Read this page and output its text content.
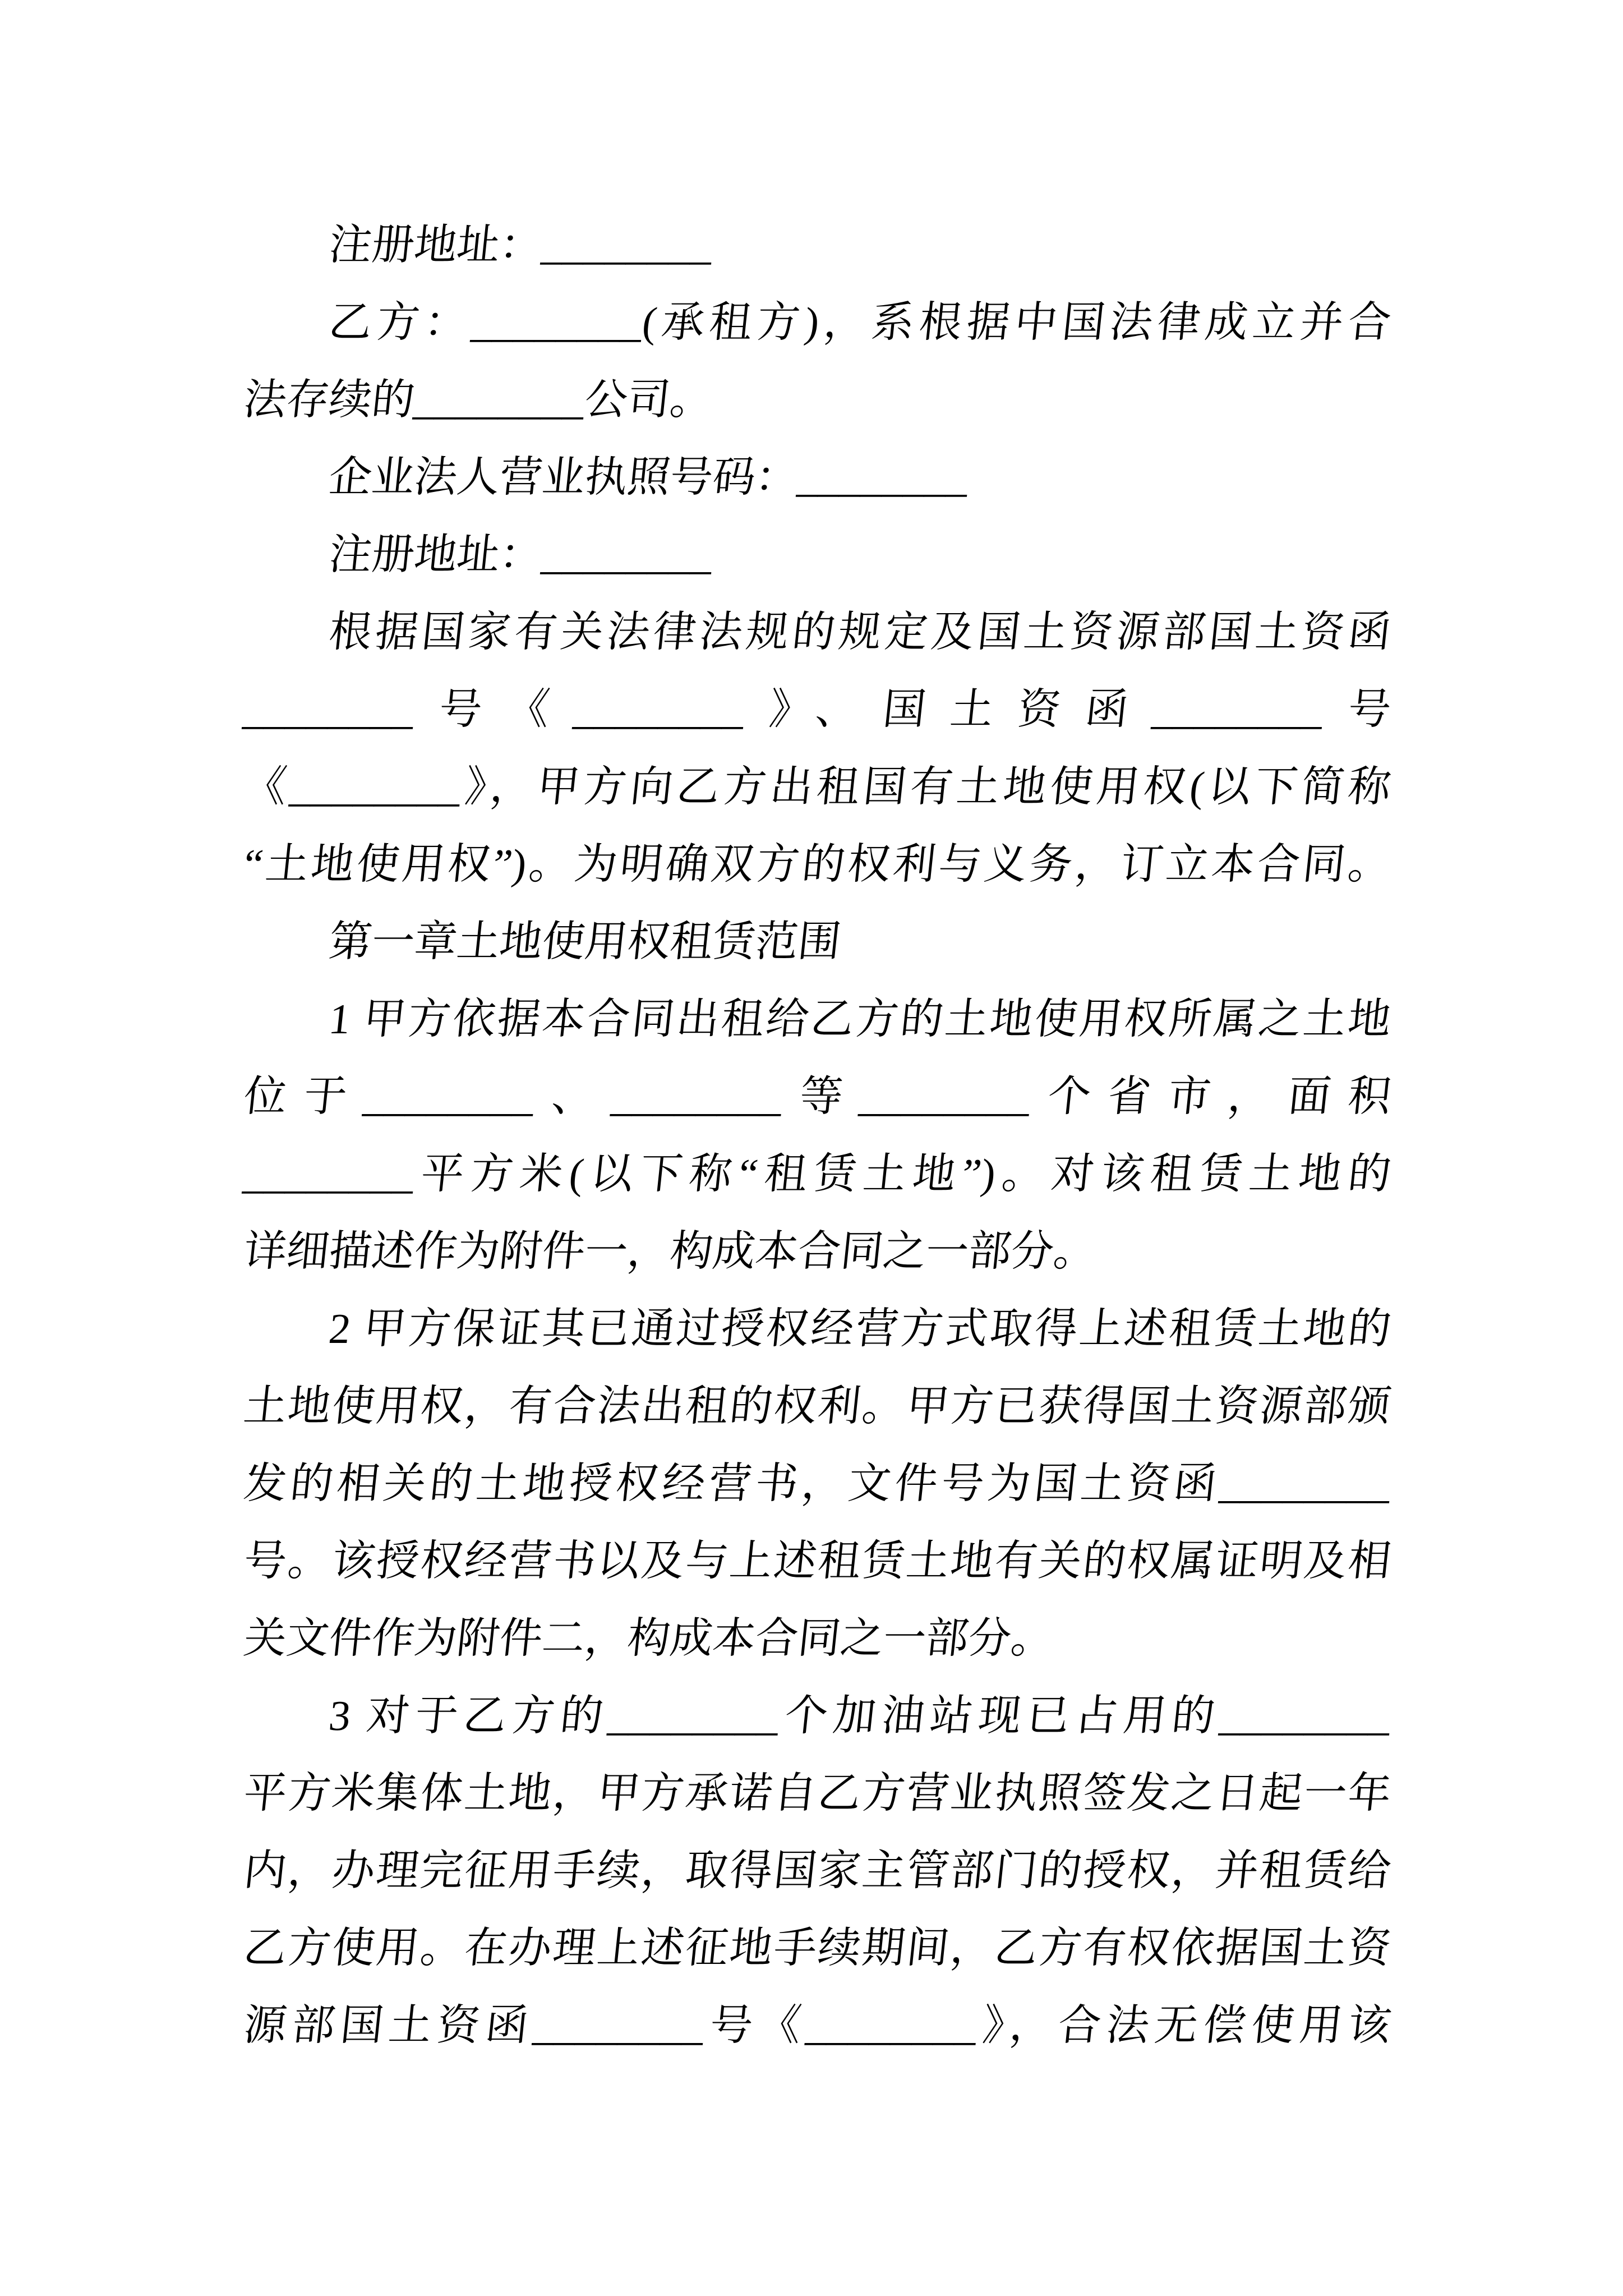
注册地址：________
乙方：________(承租方)，系根据中国法律成立并合
法存续的________公司。
企业法人营业执照号码：________
注册地址：________
根据国家有关法律法规的规定及国土资源部国土资函
________号《________》、国土资函________号
《________》，甲方向乙方出租国有土地使用权(以下简称
“土地使用权”)。为明确双方的权利与义务，订立本合同。
第一章土地使用权租赁范围
1 甲方依据本合同出租给乙方的土地使用权所属之土地
位于________、________等________个省市，面积
________平方米(以下称“租赁土地”)。对该租赁土地的
详细描述作为附件一，构成本合同之一部分。
2 甲方保证其已通过授权经营方式取得上述租赁土地的
土地使用权，有合法出租的权利。甲方已获得国土资源部颁
发的相关的土地授权经营书，文件号为国土资函________
号。该授权经营书以及与上述租赁土地有关的权属证明及相
关文件作为附件二，构成本合同之一部分。
3 对于乙方的________个加油站现已占用的________
平方米集体土地，甲方承诺自乙方营业执照签发之日起一年
内，办理完征用手续，取得国家主管部门的授权，并租赁给
乙方使用。在办理上述征地手续期间，乙方有权依据国土资
源部国土资函________号《________》，合法无偿使用该
